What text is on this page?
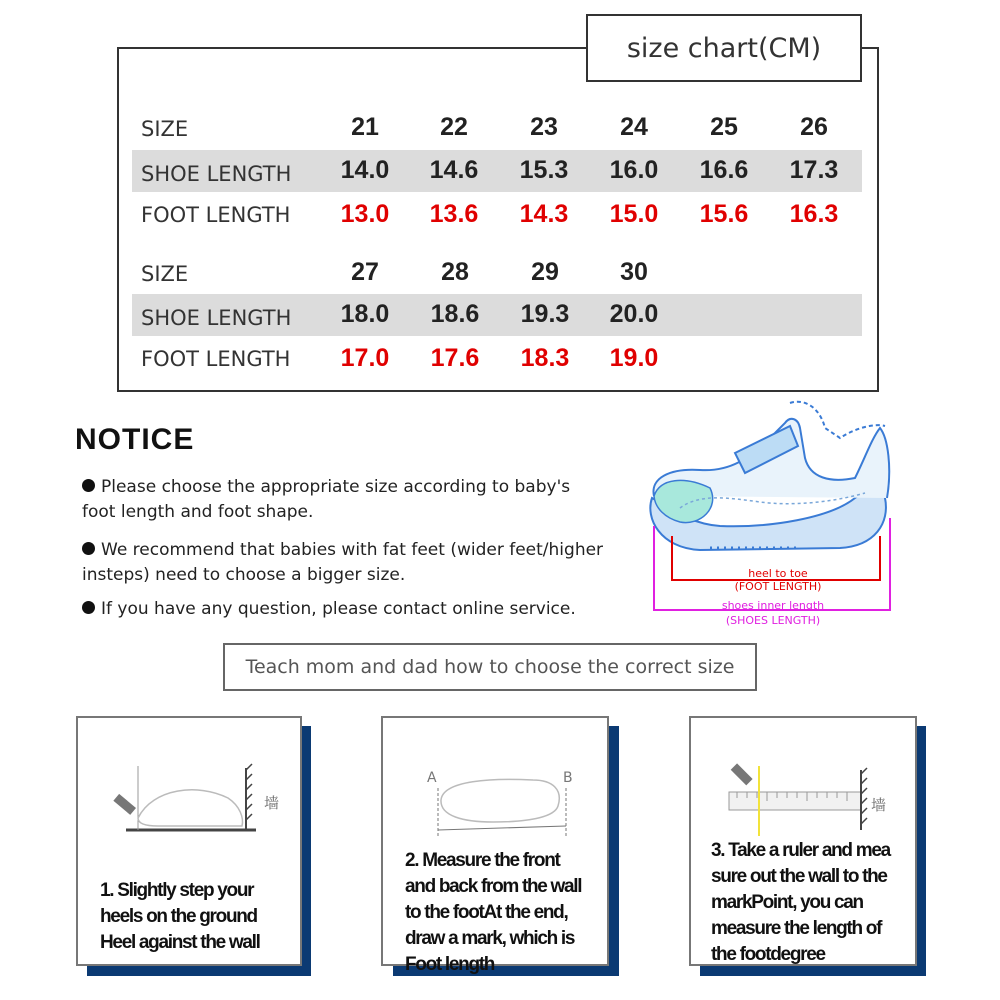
size chart(CM)
SIZE	21	22	23	24	25	26
SHOE LENGTH	14.0	14.6	15.3	16.0	16.6	17.3
FOOT LENGTH	13.0	13.6	14.3	15.0	15.6	16.3
SIZE	27	28	29	30
SHOE LENGTH	18.0	18.6	19.3	20.0
FOOT LENGTH	17.0	17.6	18.3	19.0
NOTICE
Please choose the appropriate size according to baby's
foot length and foot shape.
We recommend that babies with fat feet (wider feet/higher
insteps) need to choose a bigger size.
If you have any question, please contact online service.
heel to toe
(FOOT LENGTH)
shoes inner length
(SHOES LENGTH)
Teach mom and dad how to choose the correct size
墙
1. Slightly step your
heels on the ground
Heel against the wall
A	B
2. Measure the front
and back from the wall
to the footAt the end,
draw a mark, which is
Foot length
墙
3. Take a ruler and mea
sure out the wall to the
markPoint, you can
measure the length of
the footdegree
